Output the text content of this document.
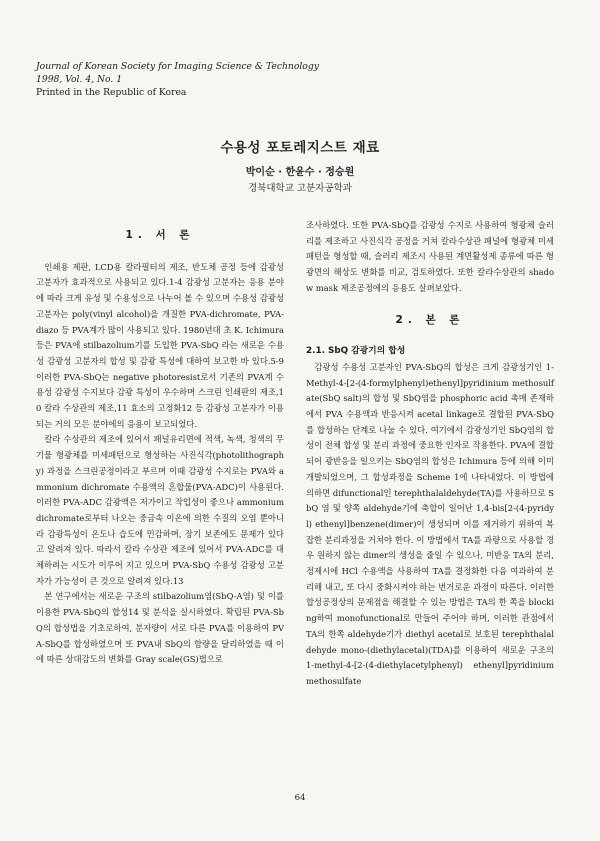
Journal of Korean Society for Imaging Science & Technology
1998, Vol. 4, No. 1
Printed in the Republic of Korea
수용성 포토레지스트 재료
박이순 · 한윤수 · 정승원
경북대학교 고분자공학과
1. 서 론

인쇄용 제판, LCD용 칼라필터의 제조, 반도체 공정 등에 감광성 고분자가 효과적으로 사용되고 있다.1-4 감광성 고분자는 응용 분야에 따라 크게 유성 및 수용성으로 나누어 볼 수 있으며 수용성 감광성 고분자는 poly(vinyl alcohol)을 개질한 PVA-dichromate, PVA-diazo 등 PVA계가 많이 사용되고 있다. 1980년대 초 K. Ichimura 등은 PVA에 stilbazolium기를 도입한 PVA-SbQ 라는 새로운 수용성 감광성 고분자의 합성 및 감광 특성에 대하여 보고한 바 있다.5-9 이러한 PVA-SbQ는 negative photoresist로서 기존의 PVA계 수용성 감광성 수지보다 감광 특성이 우수하며 스크린 인쇄판의 제조,10 칼라 수상관의 제조,11 효소의 고정화12 등 감광성 고분자가 이용되는 거의 모든 분야에의 응용이 보고되었다.

칼라 수상관의 제조에 있어서 패널유리면에 적색, 녹색, 청색의 무기물 형광체를 미세패턴으로 형성하는 사진식각(photolithography) 과정을 스크린공정이라고 부르며 이때 감광성 수지로는 PVA와 ammonium dichromate 수용액의 혼합물(PVA-ADC)이 사용된다. 이러한 PVA-ADC 감광액은 저가이고 작업성이 좋으나 ammonium dichromate로부터 나오는 중금속 이온에 의한 수질의 오염 뿐아니라 감광특성이 온도나 습도에 민감하며, 장기 보존에도 문제가 있다고 알려져 있다. 따라서 칼라 수상관 제조에 있어서 PVA-ADC를 대체하려는 시도가 이루어 지고 있으며 PVA-SbQ 수용성 감광성 고분자가 가능성이 큰 것으로 알려져 있다.13

본 연구에서는 새로운 구조의 stilbazolium염(SbQ-A염) 및 이를 이용한 PVA-SbQ의 합성14 및 분석을 실시하였다. 확립된 PVA-SbQ의 합성법을 기초로하여, 분자량이 서로 다른 PVA를 이용하여 PVA-SbQ를 합성하였으며 또 PVA내 SbQ의 함량을 달리하였을 때 이에 따른 상대감도의 변화를 Gray scale(GS)법으로

조사하였다. 또한 PVA-SbQ를 감광성 수지로 사용하여 형광체 슬러리를 제조하고 사진식각 공정을 거쳐 칼라수상관 패널에 형광체 미세패턴을 형성할 때, 슬러리 제조시 사용된 계면활성제 종류에 따른 형광면의 해상도 변화를 비교, 검토하였다. 또한 칼라수상관의 shadow mask 제조공정에의 응용도 살펴보았다.

2. 본 론
2.1. SbQ 감광기의 합성

감광성 수용성 고분자인 PVA-SbQ의 합성은 크게 감광성기인 1-Methyl-4-[2-(4-formylphenyl)ethenyl]pyridinium methosulfate(SbQ salt)의 합성 및 SbQ염을 phosphoric acid 촉매 존재하에서 PVA 수용액과 반응시켜 acetal linkage로 결합된 PVA-SbQ를 합성하는 단계로 나눌 수 있다. 여기에서 감광성기인 SbQ염의 합성이 전체 합성 및 분리 과정에 중요한 인자로 작용한다. PVA에 결합되어 광반응을 일으키는 SbQ염의 합성은 Ichimura 등에 의해 이미 개발되었으며, 그 합성과정을 Scheme 1에 나타내었다. 이 방법에 의하면 difunctional인 terephthalaldehyde(TA)를 사용하므로 SbQ 염 및 양쪽 aldehyde기에 축합이 일어난 1,4-bis[2-(4-pyridyl) ethenyl]benzene(dimer)이 생성되며 이를 제거하기 위하여 복잡한 분리과정을 거쳐야 한다. 이 방법에서 TA를 과량으로 사용할 경우 원하지 않는 dimer의 생성을 줄일 수 있으나, 미반응 TA의 분리, 정제시에 HCl 수용액을 사용하여 TA를 결정화한 다음 여과하여 분리해 내고, 또 다시 중화시켜야 하는 번거로운 과정이 따른다. 이러한 합성공정상의 문제점을 해결할 수 있는 방법은 TA의 한 쪽을 blocking하여 monofunctional로 만들어 주어야 하며, 이러한 관점에서 TA의 한쪽 aldehyde기가 diethyl acetal로 보호된 terephthalaldehyde mono-(diethylacetal)(TDA)를 이용하여 새로운 구조의 1-methyl-4-[2-(4-diethylacetylphenyl) ethenyl]pyridinium methosulfate

64
